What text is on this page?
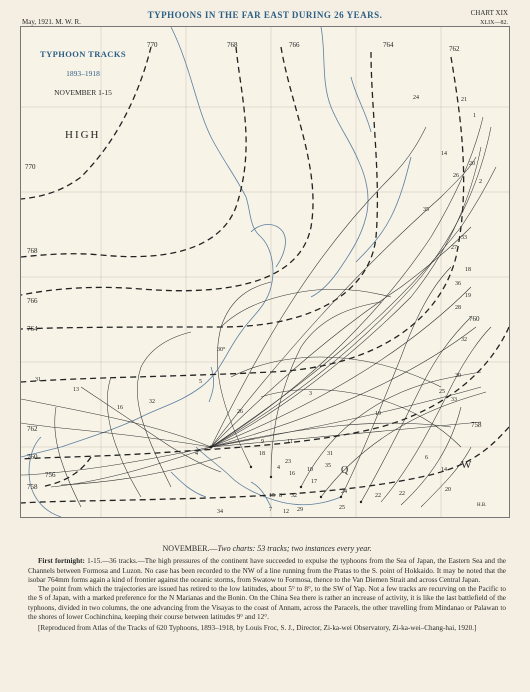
May, 1921. M. W. R.
TYPHOONS IN THE FAR EAST DURING 26 YEARS.	CHART XIX
XLIX—82.
TYPHOON TRACKS
1893–1918
NOVEMBER 1-15
HIGH
W
Q
770	768	766	764	762
770
768
766
764
762
760
758
756
760
758
24	21
1
14
20
26
2
35
33
27
18
36
19
28
32
30
31
13
16
32
5
26
3
33
25
19
9	11
4
23
18
16
35
31
17
10
22
4
15 8 32
29
34	7
24
12
25
22
14
20
6
30°
H.B.
NOVEMBER.—Two charts: 53 tracks; two instances every year.

First fortnight: 1-15.—36 tracks.—The high pressures of the continent have succeeded to expulse the typhoons from the Sea of Japan, the Eastern Sea and the Channels between Formosa and Luzon. No case has been recorded to the NW of a line running from the Pratas to the S. point of Hokkaido. It may be noted that the isobar 764mm forms again a kind of frontier against the oceanic storms, from Swatow to Formosa, thence to the Van Diemen Strait and across Central Japan.

The point from which the trajectories are issued has retired to the low latitudes, about 5° to 8°, to the SW of Yap. Not a few tracks are recurving on the Pacific to the S of Japan, with a marked preference for the N Marianas and the Bonin. On the China Sea there is rather an increase of activity, it is like the last battlefield of the typhoons, divided in two columns, the one advancing from the Visayas to the coast of Annam, across the Paracels, the other travelling from Mindanao or Palawan to the shores of lower Cochinchina, keeping their course between latitudes 9° and 12°.

[Reproduced from Atlas of the Tracks of 620 Typhoons, 1893–1918, by Louis Froc, S. J., Director, Zi-ka-wei Observatory, Zi-ka-wei–Chang-hai, 1920.]
